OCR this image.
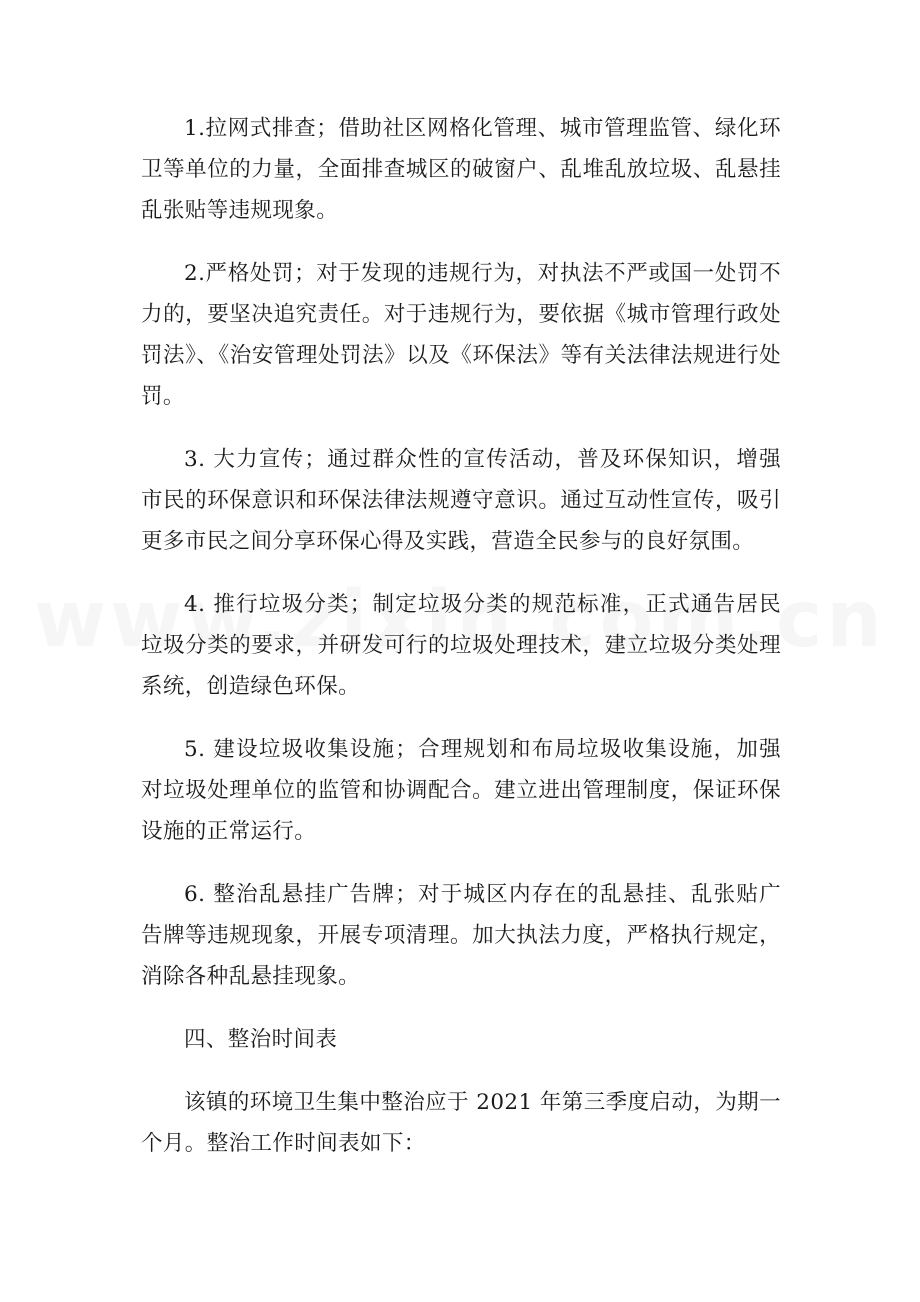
1.拉网式排查；借助社区网格化管理、城市管理监管、绿化环卫等单位的力量，全面排查城区的破窗户、乱堆乱放垃圾、乱悬挂乱张贴等违规现象。

2.严格处罚；对于发现的违规行为，对执法不严或国一处罚不力的，要坚决追究责任。对于违规行为，要依据《城市管理行政处罚法》、《治安管理处罚法》以及《环保法》等有关法律法规进行处罚。

3. 大力宣传；通过群众性的宣传活动，普及环保知识，增强市民的环保意识和环保法律法规遵守意识。通过互动性宣传，吸引更多市民之间分享环保心得及实践，营造全民参与的良好氛围。

4. 推行垃圾分类；制定垃圾分类的规范标准，正式通告居民垃圾分类的要求，并研发可行的垃圾处理技术，建立垃圾分类处理系统，创造绿色环保。

5. 建设垃圾收集设施；合理规划和布局垃圾收集设施，加强对垃圾处理单位的监管和协调配合。建立进出管理制度，保证环保设施的正常运行。

6. 整治乱悬挂广告牌；对于城区内存在的乱悬挂、乱张贴广告牌等违规现象，开展专项清理。加大执法力度，严格执行规定，消除各种乱悬挂现象。

四、整治时间表

该镇的环境卫生集中整治应于 2021 年第三季度启动，为期一个月。整治工作时间表如下：
